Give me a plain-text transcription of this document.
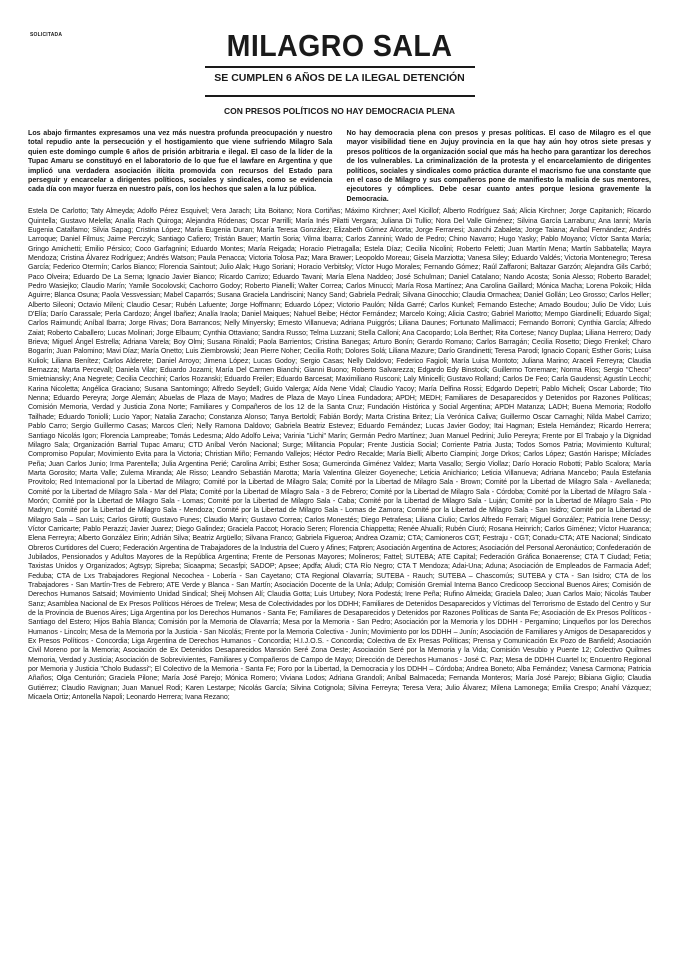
SOLICITADA	MILAGRO SALA
SE CUMPLEN 6 AÑOS DE LA ILEGAL DETENCIÓN
CON PRESOS POLÍTICOS NO HAY DEMOCRACIA PLENA

Los abajo firmantes expresamos una vez más nuestra profunda preocupación y nuestro total repudio ante la persecución y el hostigamiento que viene sufriendo Milagro Sala quien este domingo cumple 6 años de prisión arbitraria e ilegal. El caso de la líder de la Tupac Amaru se constituyó en el laboratorio de lo que fue el lawfare en Argentina y que implicó una verdadera asociación ilícita promovida con recursos del Estado para perseguir y encarcelar a dirigentes políticos, sociales y sindicales, como se evidencia cada día con mayor fuerza en nuestro país, con los hechos que salen a la luz pública.

No hay democracia plena con presos y presas políticas. El caso de Milagro es el que mayor visibilidad tiene en Jujuy provincia en la que hay aún hoy otros siete presas y presos políticos de la organización social que más ha hecho para garantizar los derechos de los vulnerables. La criminalización de la protesta y el encarcelamiento de dirigentes políticos, sociales y sindicales como práctica durante el macrismo fue una constante que en el caso de Milagro y sus compañeros pone de manifiesto la malicia de sus mentores, ejecutores y cómplices. Debe cesar cuanto antes porque lesiona gravemente la Democracia.

Estela De Carlotto; Taty Almeyda; Adolfo Pérez Esquivel; Vera Jarach; Lita Boitano; Nora Cortiñas; Máximo Kirchner; Axel Kicillof; Alberto Rodríguez Saá; Alicia Kirchner; Jorge Capitanich; Ricardo Quintella; Gustavo Melella; Analía Rach Quiroga; Alejandra Ródenas; Oscar Parrilli; María Inés Pilatti Vergara; Juliana Di Tullio; Nora Del Valle Giménez; Silvina García Larraburu; Ana Ianni; María Eugenia Catalfamo; Silvia Sapag; Cristina López; María Eugenia Duran; María Teresa González; Elizabeth Gómez Alcorta; Jorge Ferraresi; Juanchi Zabaleta; Jorge Taiana; Aníbal Fernández; Andrés Larroque; Daniel Filmus; Jaime Perczyk; Santiago Cafiero; Tristán Bauer; Martín Soria; Vilma Ibarra; Carlos Zannini; Wado de Pedro; Chino Navarro; Hugo Yasky; Pablo Moyano; Víctor Santa María; Gringo Amichetti; Emilio Pérsico; Coco Garfagnini; Eduardo Montes; María Reigada; Horacio Pietragalla; Estela Díaz; Cecilia Nicolini; Roberto Feletti; Juan Martín Mena; Martín Sabbatella; Mayra Mendoza; Cristina Álvarez Rodríguez; Andrés Watson; Paula Penacca; Victoria Tolosa Paz; Mara Brawer; Leopoldo Moreau; Gisela Marziotta; Vanesa Siley; Eduardo Valdés; Victoria Montenegro; Teresa García; Federico Otermín; Carlos Bianco; Florencia Saintout; Julio Alak; Hugo Soriani; Horacio Verbitsky; Víctor Hugo Morales; Fernando Gómez; Raúl Zaffaroni; Baltazar Garzón; Alejandra Gils Carbó; Paco Olveira; Eduardo De La Serna; Ignacio Javier Bianco; Ricardo Carrizo; Eduardo Tavani; María Elena Naddeo; José Schulman; Daniel Catalano; Nando Acosta; Sonia Alesso; Roberto Baradel; Pedro Wasiejko; Claudio Marín; Yamile Socolovski; Cachorro Godoy; Roberto Pianelli; Walter Correa; Carlos Minucci; María Rosa Martínez; Ana Carolina Gaillard; Mónica Macha; Lorena Pokoik; Hilda Aguirre; Blanca Osuna; Paola Vessvessian; Mabel Caparrós; Susana Graciela Landriscini; Nancy Sand; Gabriela Pedrali; Silvana Ginocchio; Claudia Ormachea; Daniel Gollán; Leo Grosso; Carlos Heller; Alberto Sileoni; Octavio Mileni; Claudio Cesar; Rubén Lafuente; Jorge Hoffmann; Eduardo López; Victorio Paulón; Nilda Garré; Carlos Kunkel; Fernando Esteche; Amado Boudou; Julio De Vido; Luis D'Elía; Darío Carassale; Perla Cardozo; Ángel Ibañez; Analía Iraola; Daniel Maiques; Nahuel Beibe; Héctor Fernández; Marcelo Koing; Alicia Castro; Gabriel Mariotto; Mempo Giardinelli; Eduardo Sigal; Carlos Raimundi; Aníbal Ibarra; Jorge Rivas; Dora Barrancos; Nelly Minyersky; Ernesto Villanueva; Adriana Puiggrós; Liliana Daunes; Fortunato Mallimacci; Fernando Borroni; Cynthia García; Alfredo Zaiat; Roberto Caballero; Lucas Molinari; Jorge Elbaum; Cynthia Ottaviano; Sandra Russo; Telma Luzzani; Stella Calloni; Ana Cacopardo; Lola Berthet; Rita Cortese; Nancy Duplaa; Liliana Herrero; Dady Brieva; Miguel Ángel Estrella; Adriana Varela; Boy Olmi; Susana Rinaldi; Paola Barrientos; Cristina Banegas; Arturo Bonín; Gerardo Romano; Carlos Barragán; Cecilia Rosetto; Diego Frenkel; Charo Bogarín; Juan Palomino; Mavi Díaz; María Onetto; Luis Ziembrowski; Jean Pierre Noher; Cecilia Roth; Dolores Solá; Liliana Mazure; Darío Grandinetti; Teresa Parodi; Ignacio Copani; Esther Goris; Luisa Kuliok; Liliana Benítez; Carlos Alderete; Daniel Arroyo; Jimena López; Lucas Godoy; Sergio Casas; Nelly Daldovo; Federico Fagioli; María Luisa Montoto; Juliana Marino; Araceli Ferreyra; Claudia Bernazza; Marta Percevall; Daniela Vilar; Eduardo Jozami; María Del Carmen Bianchi; Gianni Buono; Roberto Salvarezza; Edgardo Edy Binstock; Guillermo Torremare; Norma Ríos; Sergio "Checo" Smietniansky; Ana Negrete; Cecilia Cecchini; Carlos Rozanski; Eduardo Freiler; Eduardo Barcesat; Maximiliano Rusconi; Laly Minicelli; Gustavo Rolland; Carlos De Feo; Carla Gaudensi; Agustín Lecchi; Karina Nicoletta; Angélica Graciano; Susana Santomingo; Alfredo Seydell; Guido Valerga; Aída Nene Vidal; Claudio Yacoy; María Delfina Rossi; Edgardo Depetri; Pablo Micheli; Oscar Laborde; Tito Nenna; Eduardo Pereyra; Jorge Alemán; Abuelas de Plaza de Mayo; Madres de Plaza de Mayo Línea Fundadora; APDH; MEDH; Familiares de Desaparecidos y Detenidos por Razones Políticas; Comisión Memoria, Verdad y Justicia Zona Norte; Familiares y Compañeros de los 12 de la Santa Cruz; Fundación Histórica y Social Argentina; APDH Matanza; LADH; Buena Memoria; Rodolfo Tailhade; Eduardo Toniolli; Lucio Yapor; Natalia Zaracho; Constanza Alonso; Tanya Bertoldi; Fabián Bordy; Marta Cristina Britez; Lía Verónica Caliva; Guillermo Oscar Carnaghi; Nilda Mabel Carrizo; Pablo Carro; Sergio Guillermo Casas; Marcos Cleri; Nelly Ramona Daldovo; Gabriela Beatriz Estevez; Eduardo Fernández; Lucas Javier Godoy; Itai Hagman; Estela Hernández; Ricardo Herrera; Santiago Nicolás Igon; Florencia Lampreabe; Tomás Ledesma; Aldo Adolfo Leiva; Varinia "Lichi" Marín; Germán Pedro Martínez; Juan Manuel Pedrini; Julio Pereyra; Frente por El Trabajo y la Dignidad Milagro Sala; Organización Barrial Tupac Amaru; CTD Aníbal Verón Nacional; Surge; Militancia Popular; Frente Justicia Social; Corriente Patria Justa; Todos Somos Patria; Movimiento Kultural; Compromiso Popular; Movimiento Evita para la Victoria; Christian Miño; Fernando Vallejos; Héctor Pedro Recalde; María Bielli; Alberto Ciampini; Jorge Drkos; Carlos López; Gastón Harispe; Milcíades Peña; Juan Carlos Junio; Irma Parentella; Julia Argentina Perié; Carolina Arribi; Esther Sosa; Gumercinda Giménez Valdez; Marta Vasallo; Sergio Viollaz; Darío Horacio Robotti; Pablo Scalora; María Marta Gorosito; Marta Valle; Zulema Miranda; Ale Risso; Leandro Sebastián Marotta; María Valentina Gleizer Goyeneche; Leticia Anichiarico; Leticia Villanueva; Adriana Mancebo; Paula Estefania Provitolo; Red Internacional por la Libertad de Milagro; Comité por la Libertad de Milagro Sala; Comité por la Libertad de Milagro Sala - Brown; Comité por la Libertad de Milagro Sala - Avellaneda; Comité por la Libertad de Milagro Sala - Mar del Plata; Comité por la Libertad de Milagro Sala - 3 de Febrero; Comité por la Libertad de Milagro Sala - Córdoba; Comité por la Libertad de Milagro Sala - Morón; Comité por la Libertad de Milagro Sala - Lomas; Comité por la Libertad de Milagro Sala - Caba; Comité por la Libertad de Milagro Sala - Luján; Comité por la Libertad de Milagro Sala - Pto Madryn; Comité por la Libertad de Milagro Sala - Mendoza; Comité por la Libertad de Milagro Sala - Lomas de Zamora; Comité por la Libertad de Milagro Sala - San Isidro; Comité por la Libertad de Milagro Sala – San Luis; Carlos Girotti; Gustavo Funes; Claudio Marin; Gustavo Correa; Carlos Monestés; Diego Petrafesa; Liliana Ciulio; Carlos Alfredo Ferrari; Miguel González; Patricia Irene Dessy; Víctor Carricarte; Pablo Perazzi; Javier Juarez; Diego Galindez; Graciela Paccot; Horacio Seren; Florencia Chiappetta; Renée Ahualli; Rubén Ciuró; Rosana Heinrich; Carlos Giménez; Víctor Huaranca; Elena Ferreyra; Alberto González Eirin; Adrián Silva; Beatriz Argüello; Silvana Franco; Gabriela Figueroa; Andrea Ozamiz; CTA; Camioneros CGT; Festraju - CGT; Conadu-CTA; ATE Nacional; Sindicato Obreros Curtidores del Cuero; Federación Argentina de Trabajadores de la Industria del Cuero y Afines; Fatpren; Asociación Argentina de Actores; Asociación del Personal Aeronáutico; Confederación de Jubilados, Pensionados y Adultos Mayores de la República Argentina; Frente de Personas Mayores; Molineros; Fattel; SUTEBA; ATE Capital; Federación Gráfica Bonaerense; CTA T Ciudad; Fetia; Taxistas Unidos y Organizados; Agtsyp; Sipreba; Sicaapma; Secasfpi; SADOP; Apsee; Apdfa; Aludi; CTA Río Negro; CTA T Mendoza; Adai-Una; Aduna; Asociación de Empleados de Farmacia Adef; Feduba; CTA de Lxs Trabajadores Regional Necochea - Lobería - San Cayetano; CTA Regional Olavarría; SUTEBA - Rauch; SUTEBA – Chascomús; SUTEBA y CTA - San Isidro; CTA de los Trabajadores - San Martín-Tres de Febrero; ATE Verde y Blanca - San Martín; Asociación Docente de la Unla; Adulp; Comisión Gremial Interna Banco Credicoop Seccional Buenos Aires; Comisión de Derechos Humanos Satsaid; Movimiento Unidad Sindical; Sheij Mohsen Alí; Claudia Gotta; Luis Urtubey; Nora Podestá; Irene Peña; Rufino Almeida; Graciela Daleo; Juan Carlos Maio; Nicolás Tauber Sanz; Asamblea Nacional de Ex Presos Políticos Héroes de Trelew; Mesa de Colectividades por los DDHH; Familiares de Detenidos Desaparecidos y Víctimas del Terrorismo de Estado del Centro y Sur de la Provincia de Buenos Aires; Liga Argentina por los Derechos Humanos - Santa Fe; Familiares de Desaparecidos y Detenidos por Razones Políticas de Santa Fe; Asociación de Ex Presos Políticos - Santiago del Estero; Hijos Bahía Blanca; Comisión por la Memoria de Olavarría; Mesa por la Memoria - San Pedro; Asociación por la Memoria y los DDHH - Pergamino; Linqueños por los Derechos Humanos - Lincoln; Mesa de la Memoria por la Justicia - San Nicolás; Frente por la Memoria Colectiva - Junín; Movimiento por los DDHH – Junín; Asociación de Familiares y Amigos de Desaparecidos y Ex Presos Políticos - Concordia; Liga Argentina de Derechos Humanos - Concordia; H.I.J.O.S. - Concordia; Colectiva de Ex Presas Políticas; Prensa y Comunicación Ex Pozo de Banfield; Asociación Civil Moreno por la Memoria; Asociación de Ex Detenidos Desaparecidos Mansión Seré Zona Oeste; Asociación Seré por la Memoria y la Vida; Comisión Vesubio y Puente 12; Colectivo Quilmes Memoria, Verdad y Justicia; Asociación de Sobrevivientes, Familiares y Compañeros de Campo de Mayo; Dirección de Derechos Humanos - José C. Paz; Mesa de DDHH Cuartel Ix; Encuentro Regional por Memoria y Justicia "Cholo Budassi"; El Colectivo de la Memoria - Santa Fe; Foro por la Libertad, la Democracia y los DDHH – Córdoba; Andrea Boneto; Alba Fernández; Vanesa Carmona; Patricia Añaños; Olga Centurión; Graciela Pilone; María José Parejo; Mónica Romero; Viviana Lodos; Adriana Grandoli; Aníbal Balmaceda; Fernanda Monteros; María José Parejo; Bibiana Giglio; Claudia Gutiérrez; Claudio Ravignan; Juan Manuel Rodi; Karen Lestarpe; Nicolás García; Silvina Cotignola; Silvina Ferreyra; Teresa Vera; Julio Álvarez; Milena Lamonega; Emilia Crespo; Anahí Vázquez; Micaela Ortiz; Antonella Napoli; Leonardo Herrera; Ivana Rezano;
